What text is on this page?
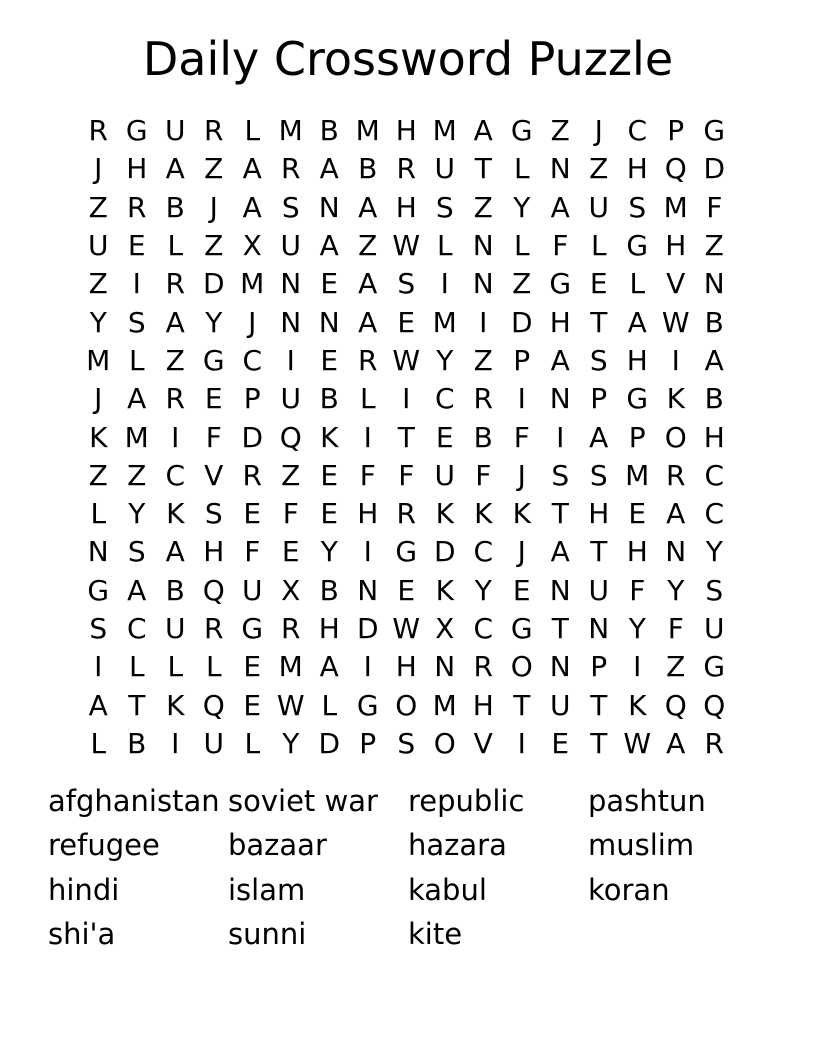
Daily Crossword Puzzle
R G U R L M B M H M A G Z J C P G
J H A Z A R A B R U T L N Z H Q D
Z R B J A S N A H S Z Y A U S M F
U E L Z X U A Z W L N L F L G H Z
Z I R D M N E A S I N Z G E L V N
Y S A Y J N N A E M I D H T A W B
M L Z G C I E R W Y Z P A S H I A
J A R E P U B L I C R I N P G K B
K M I F D Q K I T E B F I A P O H
Z Z C V R Z E F F U F J S S M R C
L Y K S E F E H R K K K T H E A C
N S A H F E Y I G D C J A T H N Y
G A B Q U X B N E K Y E N U F Y S
S C U R G R H D W X C G T N Y F U
I L L L E M A I H N R O N P I Z G
A T K Q E W L G O M H T U T K Q Q
L B I U L Y D P S O V I E T W A R
afghanistan
refugee
hindi
shi'a
soviet war
bazaar
islam
sunni
republic
hazara
kabul
kite
pashtun
muslim
koran
